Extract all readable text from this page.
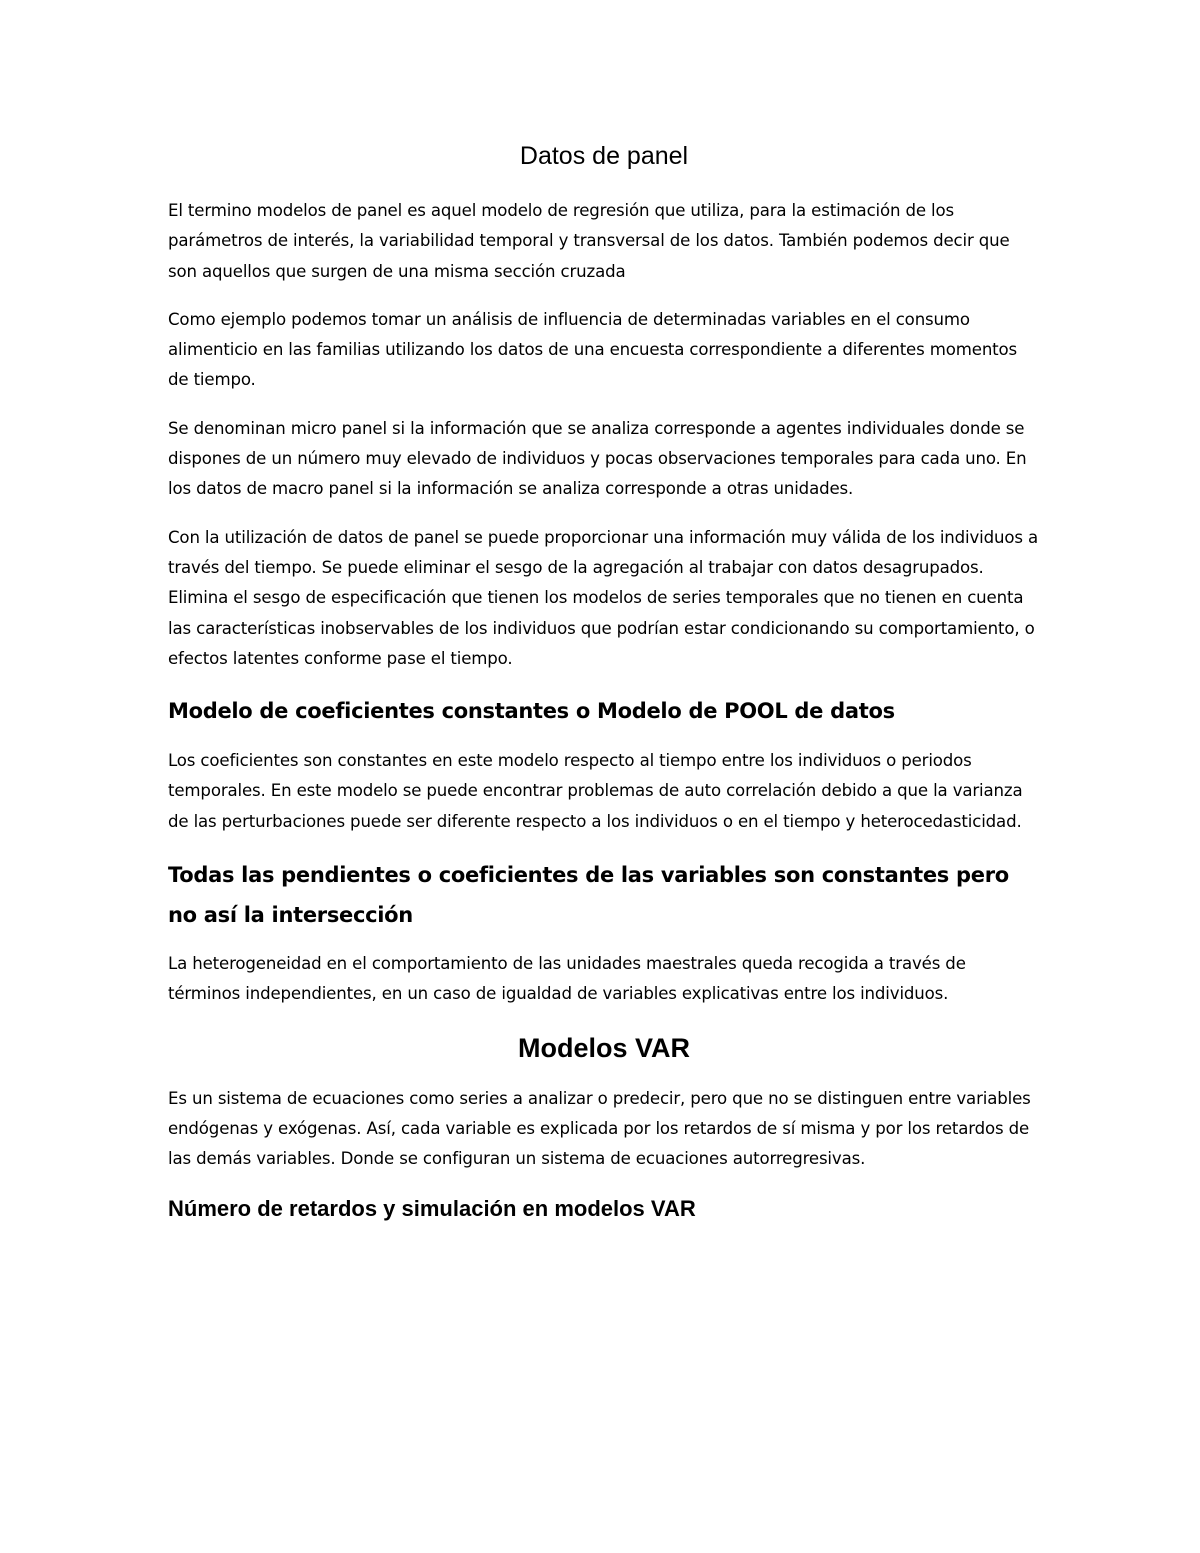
Datos de panel

El termino modelos de panel es aquel modelo de regresión que utiliza, para la estimación de los parámetros de interés, la variabilidad temporal y transversal de los datos. También podemos decir que son aquellos que surgen de una misma sección cruzada

Como ejemplo podemos tomar un análisis de influencia de determinadas variables en el consumo alimenticio en las familias utilizando los datos de una encuesta correspondiente a diferentes momentos de tiempo.

Se denominan micro panel si la información que se analiza corresponde a agentes individuales donde se dispones de un número muy elevado de individuos y pocas observaciones temporales para cada uno. En los datos de macro panel si la información se analiza corresponde a otras unidades.

Con la utilización de datos de panel se puede proporcionar una información muy válida de los individuos a través del tiempo. Se puede eliminar el sesgo de la agregación al trabajar con datos desagrupados. Elimina el sesgo de especificación que tienen los modelos de series temporales que no tienen en cuenta las características inobservables de los individuos que podrían estar condicionando su comportamiento, o efectos latentes conforme pase el tiempo.

Modelo de coeficientes constantes o Modelo de POOL de datos

Los coeficientes son constantes en este modelo respecto al tiempo entre los individuos o periodos temporales. En este modelo se puede encontrar problemas de auto correlación debido a que la varianza de las perturbaciones puede ser diferente respecto a los individuos o en el tiempo y heterocedasticidad.

Todas las pendientes o coeficientes de las variables son constantes pero no así la intersección

La heterogeneidad en el comportamiento de las unidades maestrales queda recogida a través de términos independientes, en un caso de igualdad de variables explicativas entre los individuos.

Modelos VAR

Es un sistema de ecuaciones como series a analizar o predecir, pero que no se distinguen entre variables endógenas y exógenas. Así, cada variable es explicada por los retardos de sí misma y por los retardos de las demás variables. Donde se configuran un sistema de ecuaciones autorregresivas.

Número de retardos y simulación en modelos VAR
